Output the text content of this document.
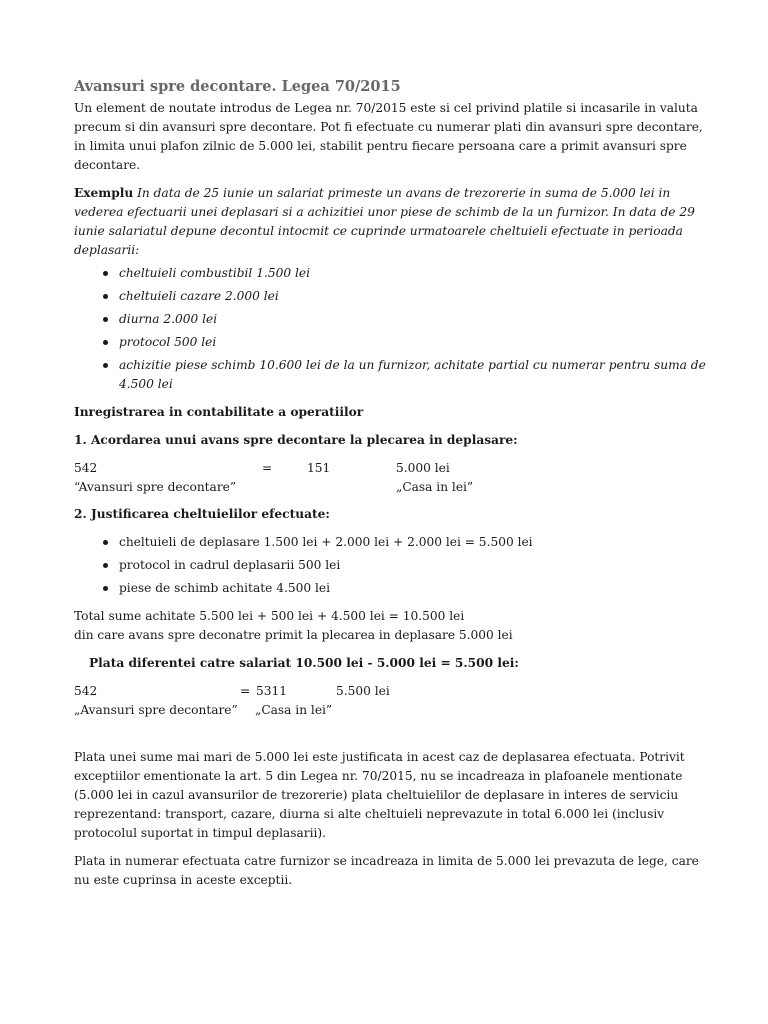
Avansuri spre decontare. Legea 70/2015

Un element de noutate introdus de Legea nr. 70/2015 este si cel privind platile si incasarile in valuta precum si din avansuri spre decontare. Pot fi efectuate cu numerar plati din avansuri spre decontare, in limita unui plafon zilnic de 5.000 lei, stabilit pentru fiecare persoana care a primit avansuri spre decontare.

Exemplu In data de 25 iunie un salariat primeste un avans de trezorerie in suma de 5.000 lei in vederea efectuarii unei deplasari si a achizitiei unor piese de schimb de la un furnizor. In data de 29 iunie salariatul depune decontul intocmit ce cuprinde urmatoarele cheltuieli efectuate in perioada deplasarii:

cheltuieli combustibil 1.500 lei
cheltuieli cazare 2.000 lei
diurna 2.000 lei
protocol 500 lei
achizitie piese schimb 10.600 lei de la un furnizor, achitate partial cu numerar pentru suma de 4.500 lei

Inregistrarea in contabilitate a operatiilor

1. Acordarea unui avans spre decontare la plecarea in deplasare:

542	=	151	5.000 lei
“Avansuri spre decontare”	„Casa in lei”

2. Justificarea cheltuielilor efectuate:

cheltuieli de deplasare 1.500 lei + 2.000 lei + 2.000 lei = 5.500 lei
protocol in cadrul deplasarii 500 lei
piese de schimb achitate 4.500 lei

Total sume achitate 5.500 lei + 500 lei + 4.500 lei = 10.500 lei

din care avans spre deconatre primit la plecarea in deplasare 5.000 lei

Plata diferentei catre salariat 10.500 lei - 5.000 lei = 5.500 lei:

542	= 5311	5.500 lei
„Avansuri spre decontare” „Casa in lei”

Plata unei sume mai mari de 5.000 lei este justificata in acest caz de deplasarea efectuata. Potrivit exceptiilor ementionate la art. 5 din Legea nr. 70/2015, nu se incadreaza in plafoanele mentionate (5.000 lei in cazul avansurilor de trezorerie) plata cheltuielilor de deplasare in interes de serviciu reprezentand: transport, cazare, diurna si alte cheltuieli neprevazute in total 6.000 lei (inclusiv protocolul suportat in timpul deplasarii).

Plata in numerar efectuata catre furnizor se incadreaza in limita de 5.000 lei prevazuta de lege, care nu este cuprinsa in aceste exceptii.
